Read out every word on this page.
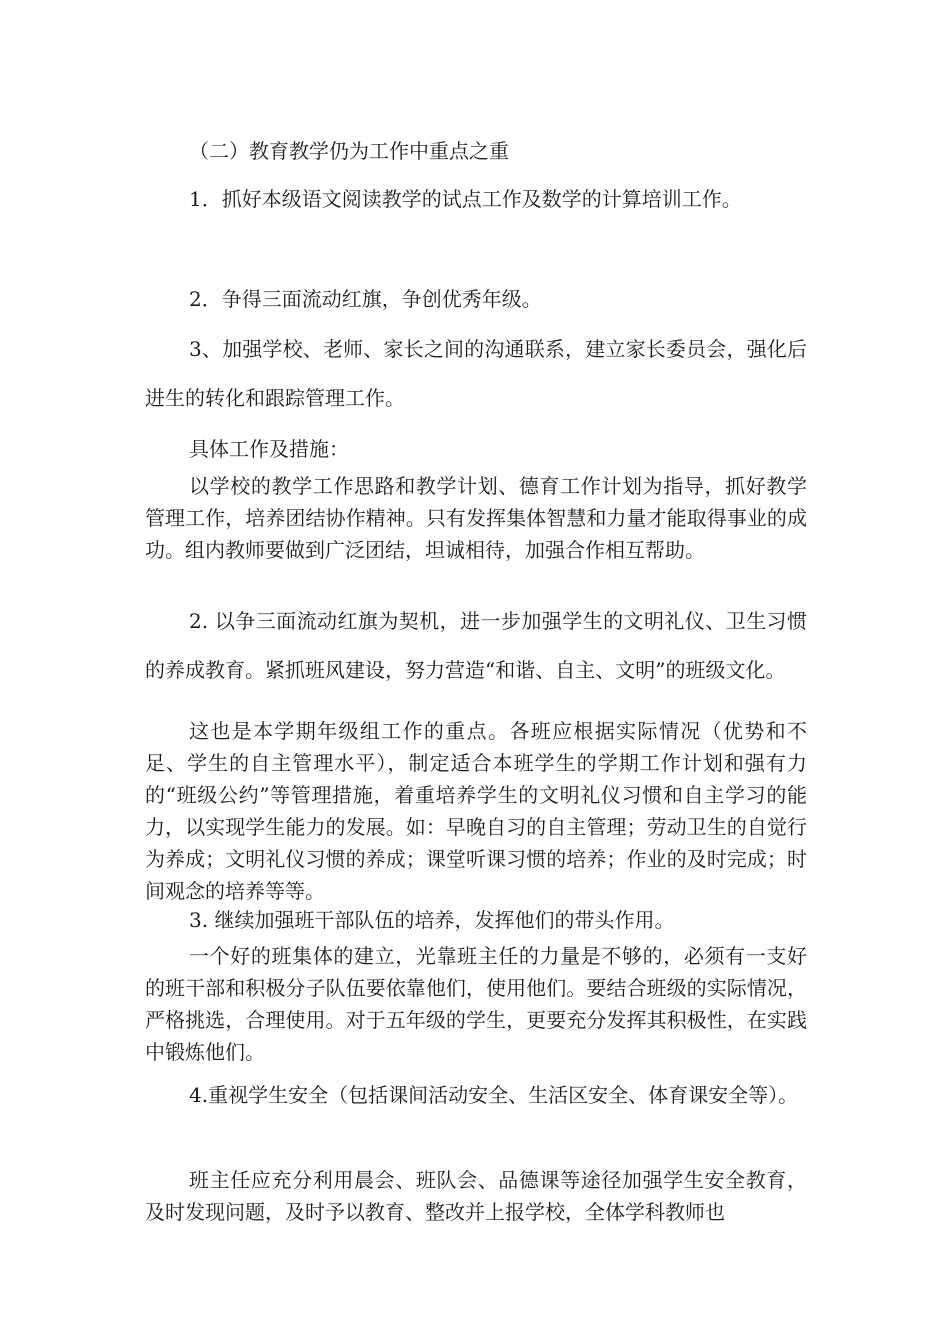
（二）教育教学仍为工作中重点之重

1．抓好本级语文阅读教学的试点工作及数学的计算培训工作。

2．争得三面流动红旗，争创优秀年级。

3、加强学校、老师、家长之间的沟通联系，建立家长委员会，强化后进生的转化和跟踪管理工作。

具体工作及措施：

以学校的教学工作思路和教学计划、德育工作计划为指导，抓好教学管理工作，培养团结协作精神。只有发挥集体智慧和力量才能取得事业的成功。组内教师要做到广泛团结，坦诚相待，加强合作相互帮助。

2. 以争三面流动红旗为契机，进一步加强学生的文明礼仪、卫生习惯的养成教育。紧抓班风建设，努力营造“和谐、自主、文明”的班级文化。

这也是本学期年级组工作的重点。各班应根据实际情况（优势和不足、学生的自主管理水平），制定适合本班学生的学期工作计划和强有力的“班级公约”等管理措施，着重培养学生的文明礼仪习惯和自主学习的能力，以实现学生能力的发展。如：早晚自习的自主管理；劳动卫生的自觉行为养成；文明礼仪习惯的养成；课堂听课习惯的培养；作业的及时完成；时间观念的培养等等。

3. 继续加强班干部队伍的培养，发挥他们的带头作用。

一个好的班集体的建立，光靠班主任的力量是不够的，必须有一支好的班干部和积极分子队伍要依靠他们，使用他们。要结合班级的实际情况，严格挑选，合理使用。对于五年级的学生，更要充分发挥其积极性，在实践中锻炼他们。

4.重视学生安全（包括课间活动安全、生活区安全、体育课安全等）。

班主任应充分利用晨会、班队会、品德课等途径加强学生安全教育，及时发现问题，及时予以教育、整改并上报学校，全体学科教师也
